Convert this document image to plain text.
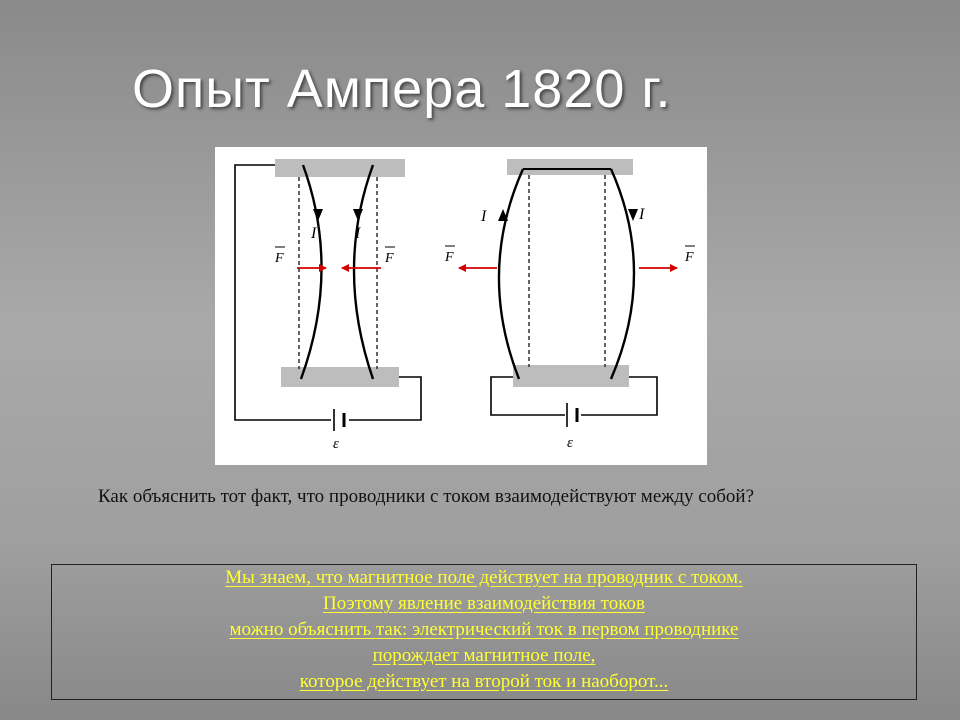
Опыт Ампера 1820 г.
I I
F	F
ε
I	I
F	F
ε
Как объяснить тот факт, что проводники с током взаимодействуют между собой?
Мы знаем, что магнитное поле действует на проводник с током.
Поэтому явление взаимодействия токов
можно объяснить так: электрический ток в первом проводнике
порождает магнитное поле,
которое действует на второй ток и наоборот...
